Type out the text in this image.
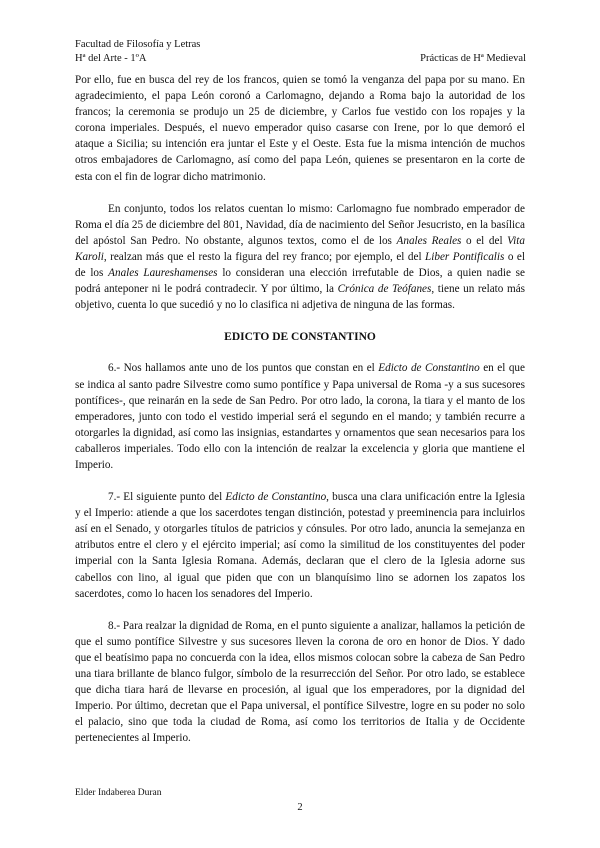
Facultad de Filosofía y Letras
Hª del Arte - 1ºA	Prácticas de Hª Medieval

Por ello, fue en busca del rey de los francos, quien se tomó la venganza del papa por su mano. En agradecimiento, el papa León coronó a Carlomagno, dejando a Roma bajo la autoridad de los francos; la ceremonia se produjo un 25 de diciembre, y Carlos fue vestido con los ropajes y la corona imperiales. Después, el nuevo emperador quiso casarse con Irene, por lo que demoró el ataque a Sicilia; su intención era juntar el Este y el Oeste. Esta fue la misma intención de muchos otros embajadores de Carlomagno, así como del papa León, quienes se presentaron en la corte de esta con el fin de lograr dicho matrimonio.

En conjunto, todos los relatos cuentan lo mismo: Carlomagno fue nombrado emperador de Roma el día 25 de diciembre del 801, Navidad, día de nacimiento del Señor Jesucristo, en la basílica del apóstol San Pedro. No obstante, algunos textos, como el de los Anales Reales o el del Vita Karoli, realzan más que el resto la figura del rey franco; por ejemplo, el del Liber Pontificalis o el de los Anales Laureshamenses lo consideran una elección irrefutable de Dios, a quien nadie se podrá anteponer ni le podrá contradecir. Y por último, la Crónica de Teófanes, tiene un relato más objetivo, cuenta lo que sucedió y no lo clasifica ni adjetiva de ninguna de las formas.

EDICTO DE CONSTANTINO

6.- Nos hallamos ante uno de los puntos que constan en el Edicto de Constantino en el que se indica al santo padre Silvestre como sumo pontífice y Papa universal de Roma -y a sus sucesores pontífices-, que reinarán en la sede de San Pedro. Por otro lado, la corona, la tiara y el manto de los emperadores, junto con todo el vestido imperial será el segundo en el mando; y también recurre a otorgarles la dignidad, así como las insignias, estandartes y ornamentos que sean necesarios para los caballeros imperiales. Todo ello con la intención de realzar la excelencia y gloria que mantiene el Imperio.

7.- El siguiente punto del Edicto de Constantino, busca una clara unificación entre la Iglesia y el Imperio: atiende a que los sacerdotes tengan distinción, potestad y preeminencia para incluirlos así en el Senado, y otorgarles títulos de patricios y cónsules. Por otro lado, anuncia la semejanza en atributos entre el clero y el ejército imperial; así como la similitud de los constituyentes del poder imperial con la Santa Iglesia Romana. Además, declaran que el clero de la Iglesia adorne sus cabellos con lino, al igual que piden que con un blanquísimo lino se adornen los zapatos los sacerdotes, como lo hacen los senadores del Imperio.

8.- Para realzar la dignidad de Roma, en el punto siguiente a analizar, hallamos la petición de que el sumo pontífice Silvestre y sus sucesores lleven la corona de oro en honor de Dios. Y dado que el beatísimo papa no concuerda con la idea, ellos mismos colocan sobre la cabeza de San Pedro una tiara brillante de blanco fulgor, símbolo de la resurrección del Señor. Por otro lado, se establece que dicha tiara hará de llevarse en procesión, al igual que los emperadores, por la dignidad del Imperio. Por último, decretan que el Papa universal, el pontífice Silvestre, logre en su poder no solo el palacio, sino que toda la ciudad de Roma, así como los territorios de Italia y de Occidente pertenecientes al Imperio.

Elder Indaberea Duran
2
